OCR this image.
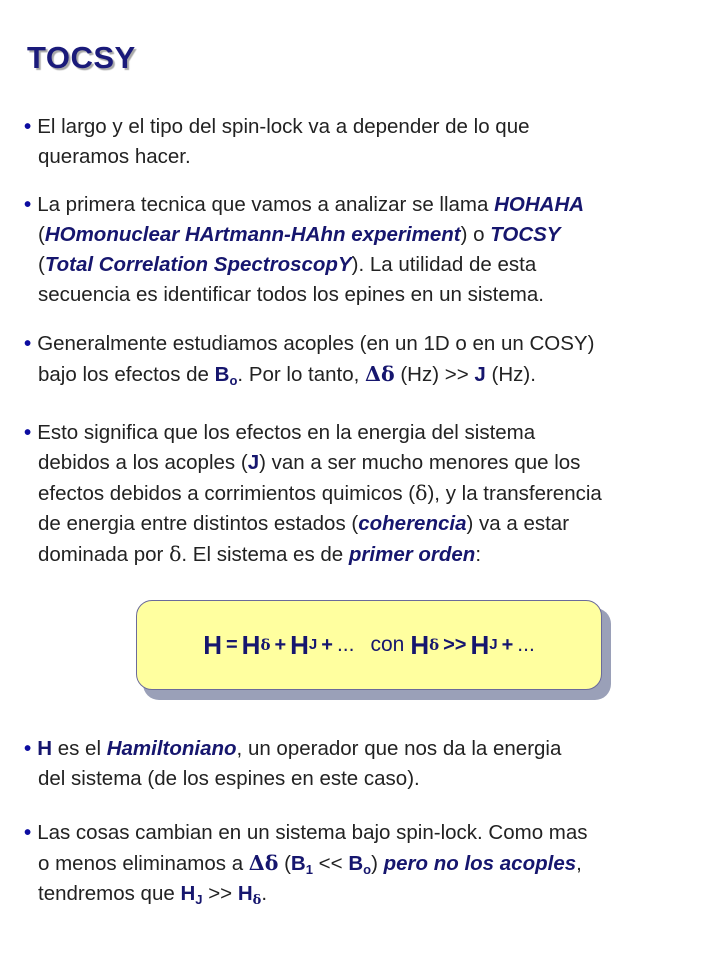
TOCSY
• El largo y el tipo del spin-lock va a depender de lo que
queramos hacer.
• La primera tecnica que vamos a analizar se llama HOHAHA
(HOmonuclear HArtmann-HAhn experiment) o TOCSY
(Total Correlation SpectroscopY). La utilidad de esta
secuencia es identificar todos los epines en un sistema.
• Generalmente estudiamos acoples (en un 1D o en un COSY)
bajo los efectos de $B_o$. Por lo tanto, Δδ (Hz) >> J (Hz).
• Esto significa que los efectos en la energia del sistema
debidos a los acoples (J) van a ser mucho menores que los
efectos debidos a corrimientos quimicos (δ), y la transferencia
de energia entre distintos estados (coherencia) va a estar
dominada por δ. El sistema es de primer orden:
H = H δ + H J + ... con H δ >> H J + ...
• H es el Hamiltoniano, un operador que nos da la energia
del sistema (de los espines en este caso).
• Las cosas cambian en un sistema bajo spin-lock. Como mas
o menos eliminamos a Δδ $(B_1 << B_o)$ pero no los acoples,
tendremos que $H_J >> H_\delta$.
